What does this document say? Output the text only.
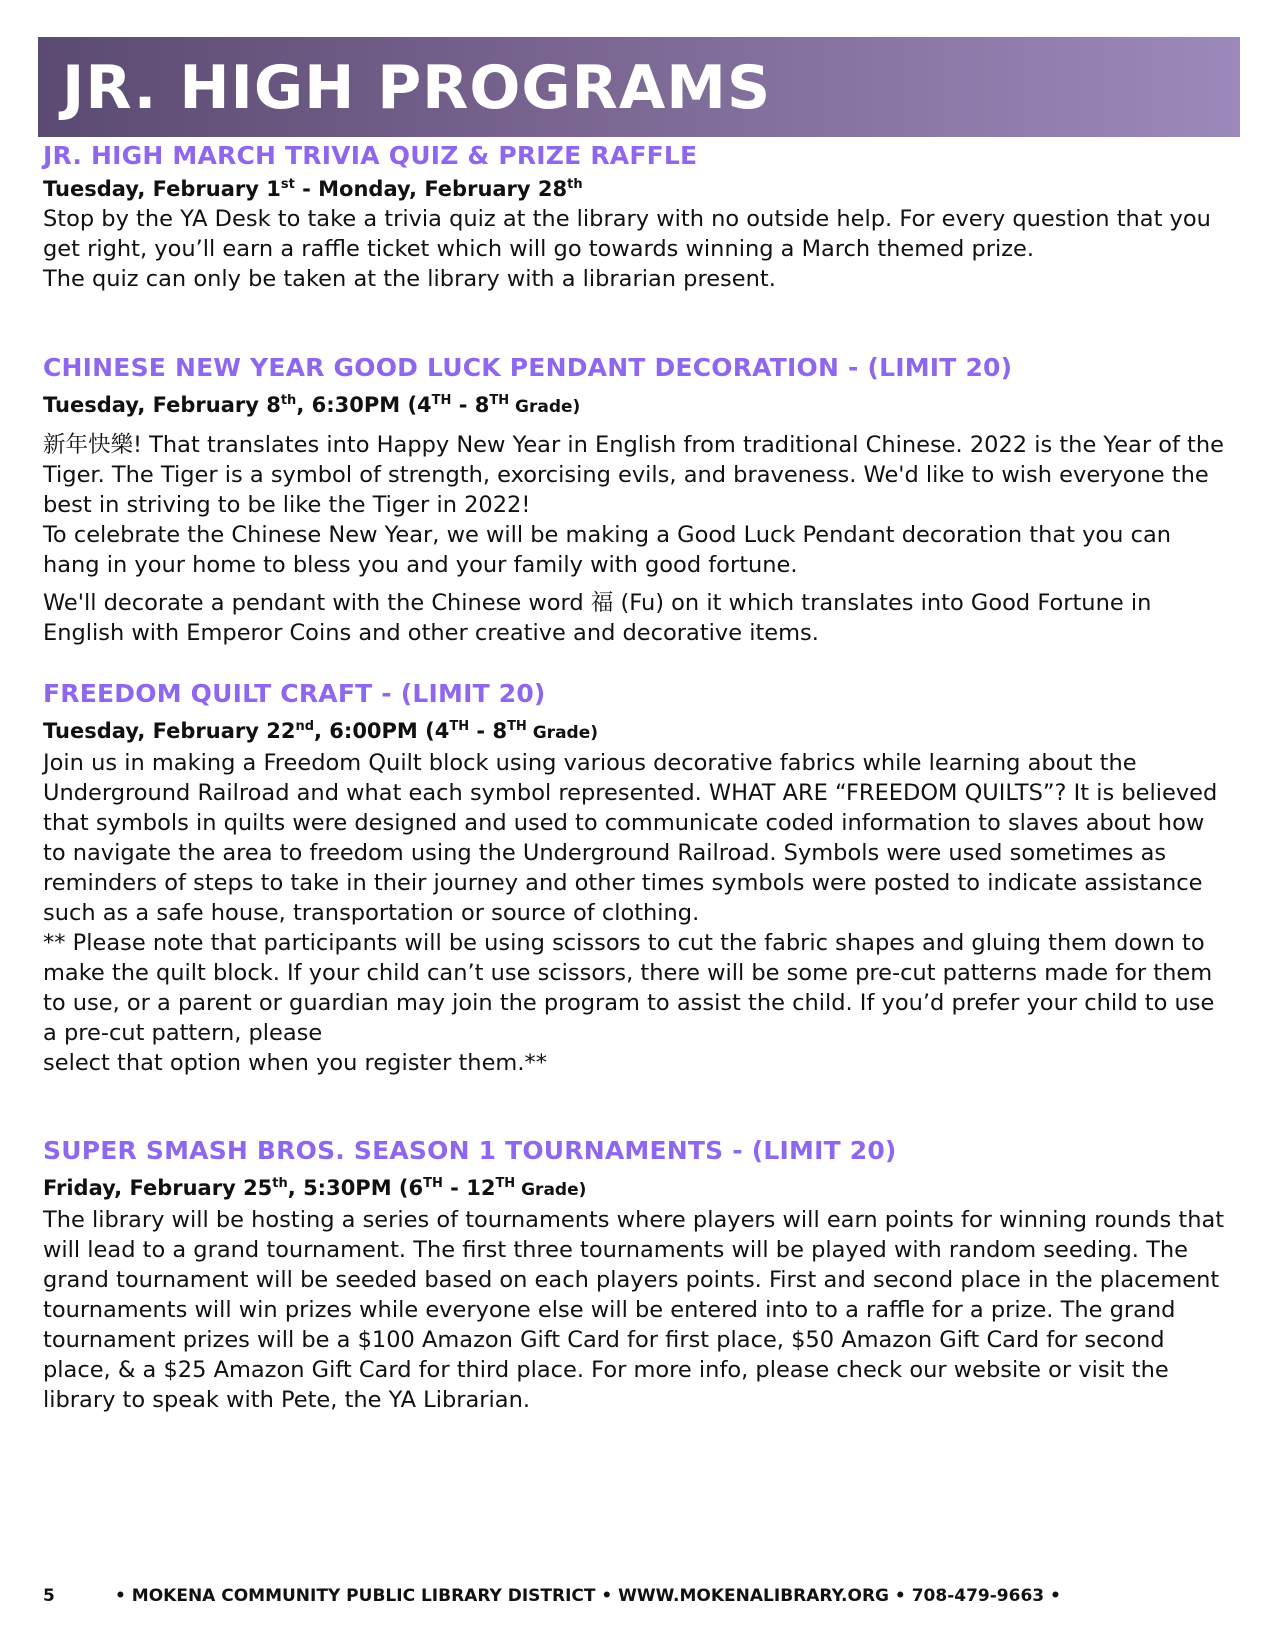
JR. HIGH PROGRAMS
JR. HIGH MARCH TRIVIA QUIZ & PRIZE RAFFLE
Tuesday, February 1st - Monday, February 28th

Stop by the YA Desk to take a trivia quiz at the library with no outside help. For every question that you get right, you’ll earn a raffle ticket which will go towards winning a March themed prize.

The quiz can only be taken at the library with a librarian present.

CHINESE NEW YEAR GOOD LUCK PENDANT DECORATION - (LIMIT 20)
Tuesday, February 8th, 6:30PM (4TH - 8TH Grade)

新年快樂! That translates into Happy New Year in English from traditional Chinese. 2022 is the Year of the Tiger. The Tiger is a symbol of strength, exorcising evils, and braveness. We'd like to wish everyone the best in striving to be like the Tiger in 2022!

To celebrate the Chinese New Year, we will be making a Good Luck Pendant decoration that you can hang in your home to bless you and your family with good fortune.

We'll decorate a pendant with the Chinese word 福 (Fu) on it which translates into Good Fortune in English with Emperor Coins and other creative and decorative items.

FREEDOM QUILT CRAFT - (LIMIT 20)
Tuesday, February 22nd, 6:00PM (4TH - 8TH Grade)

Join us in making a Freedom Quilt block using various decorative fabrics while learning about the Underground Railroad and what each symbol represented. WHAT ARE “FREEDOM QUILTS”? It is believed that symbols in quilts were designed and used to communicate coded information to slaves about how to navigate the area to freedom using the Underground Railroad. Symbols were used sometimes as reminders of steps to take in their journey and other times symbols were posted to indicate assistance such as a safe house, transportation or source of clothing.

** Please note that participants will be using scissors to cut the fabric shapes and gluing them down to make the quilt block. If your child can’t use scissors, there will be some pre-cut patterns made for them to use, or a parent or guardian may join the program to assist the child. If you’d prefer your child to use a pre-cut pattern, please

select that option when you register them.**

SUPER SMASH BROS. SEASON 1 TOURNAMENTS - (LIMIT 20)
Friday, February 25th, 5:30PM (6TH - 12TH Grade)

The library will be hosting a series of tournaments where players will earn points for winning rounds that will lead to a grand tournament. The first three tournaments will be played with random seeding. The grand tournament will be seeded based on each players points. First and second place in the placement tournaments will win prizes while everyone else will be entered into to a raffle for a prize. The grand tournament prizes will be a $100 Amazon Gift Card for first place, $50 Amazon Gift Card for second place, & a $25 Amazon Gift Card for third place. For more info, please check our website or visit the library to speak with Pete, the YA Librarian.

5	• MOKENA COMMUNITY PUBLIC LIBRARY DISTRICT • WWW.MOKENALIBRARY.ORG • 708-479-9663 •
